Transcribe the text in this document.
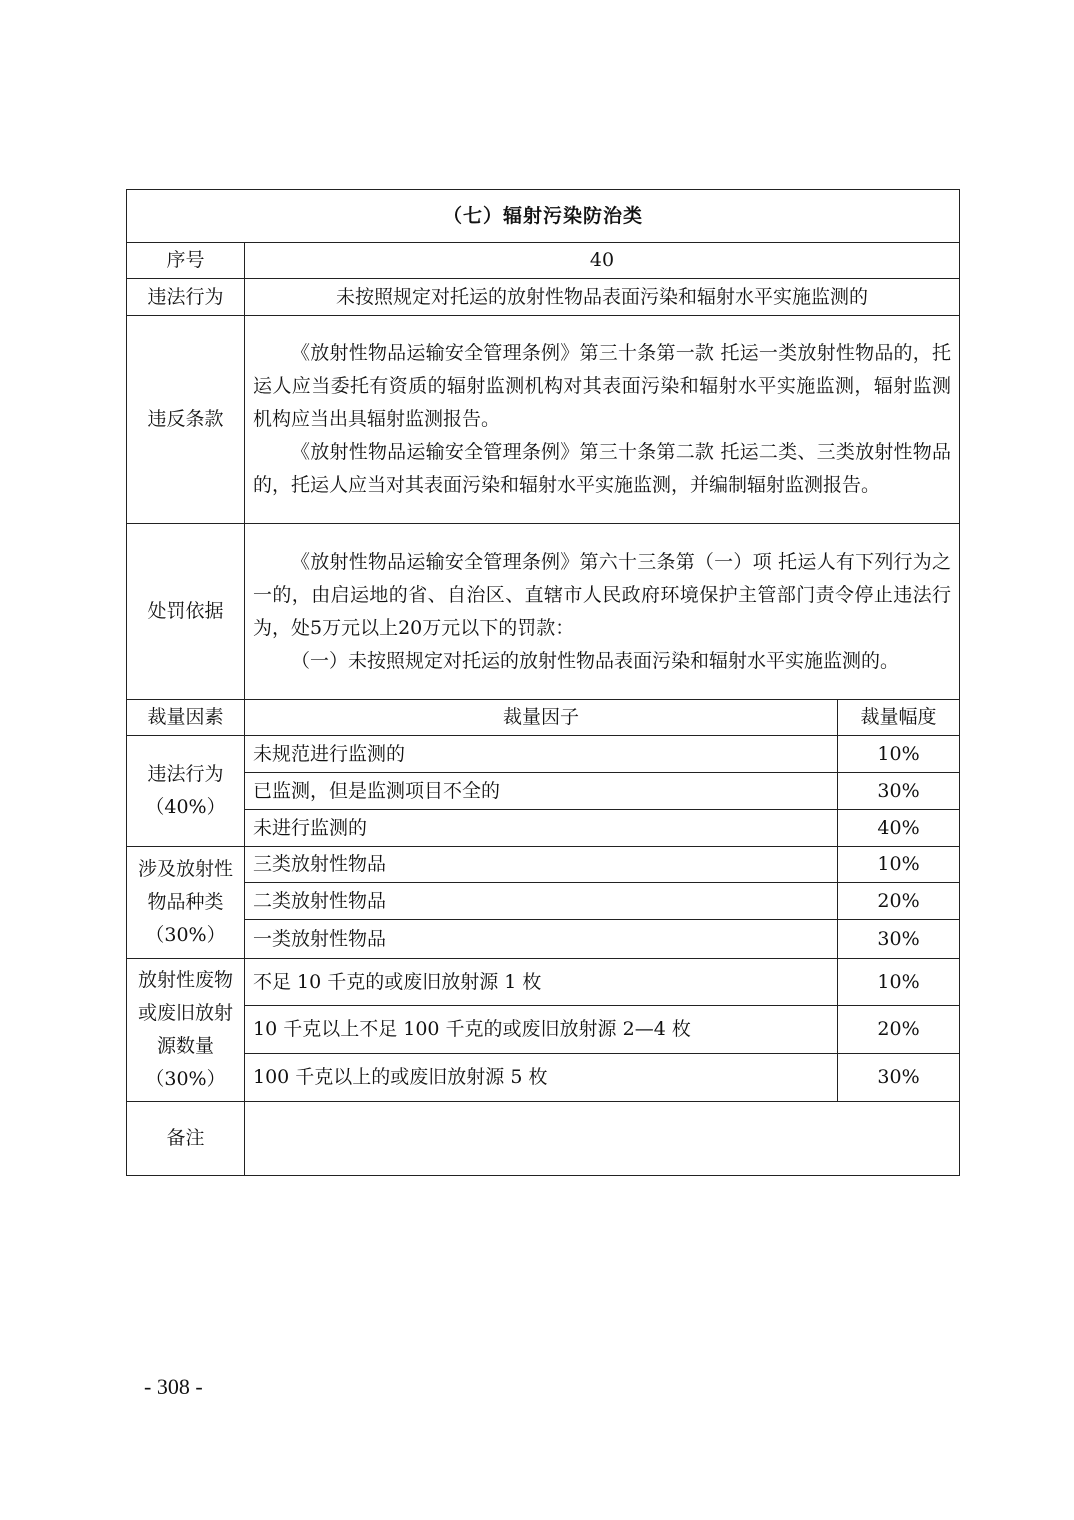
（七）辐射污染防治类		
序号	40	
违法行为	未按照规定对托运的放射性物品表面污染和辐射水平实施监测的	
违反条款	《放射性物品运输安全管理条例》第三十条第一款 托运一类放射性物品的，托运人应当委托有资质的辐射监测机构对其表面污染和辐射水平实施监测，辐射监测机构应当出具辐射监测报告。

《放射性物品运输安全管理条例》第三十条第二款 托运二类、三类放射性物品的，托运人应当对其表面污染和辐射水平实施监测，并编制辐射监测报告。	

处罚依据	《放射性物品运输安全管理条例》第六十三条第（一）项 托运人有下列行为之一的，由启运地的省、自治区、直辖市人民政府环境保护主管部门责令停止违法行为，处5万元以上20万元以下的罚款：

（一）未按照规定对托运的放射性物品表面污染和辐射水平实施监测的。	

裁量因素	裁量因子	裁量幅度
违法行为（40%）	未规范进行监测的	10%
	已监测，但是监测项目不全的	30%
	未进行监测的	40%
涉及放射性物品种类（30%）	三类放射性物品	10%
	二类放射性物品	20%
	一类放射性物品	30%
放射性废物或废旧放射源数量（30%）	不足 10 千克的或废旧放射源 1 枚	10%
	10 千克以上不足 100 千克的或废旧放射源 2—4 枚	20%
	100 千克以上的或废旧放射源 5 枚	30%
备注		
- 308 -
